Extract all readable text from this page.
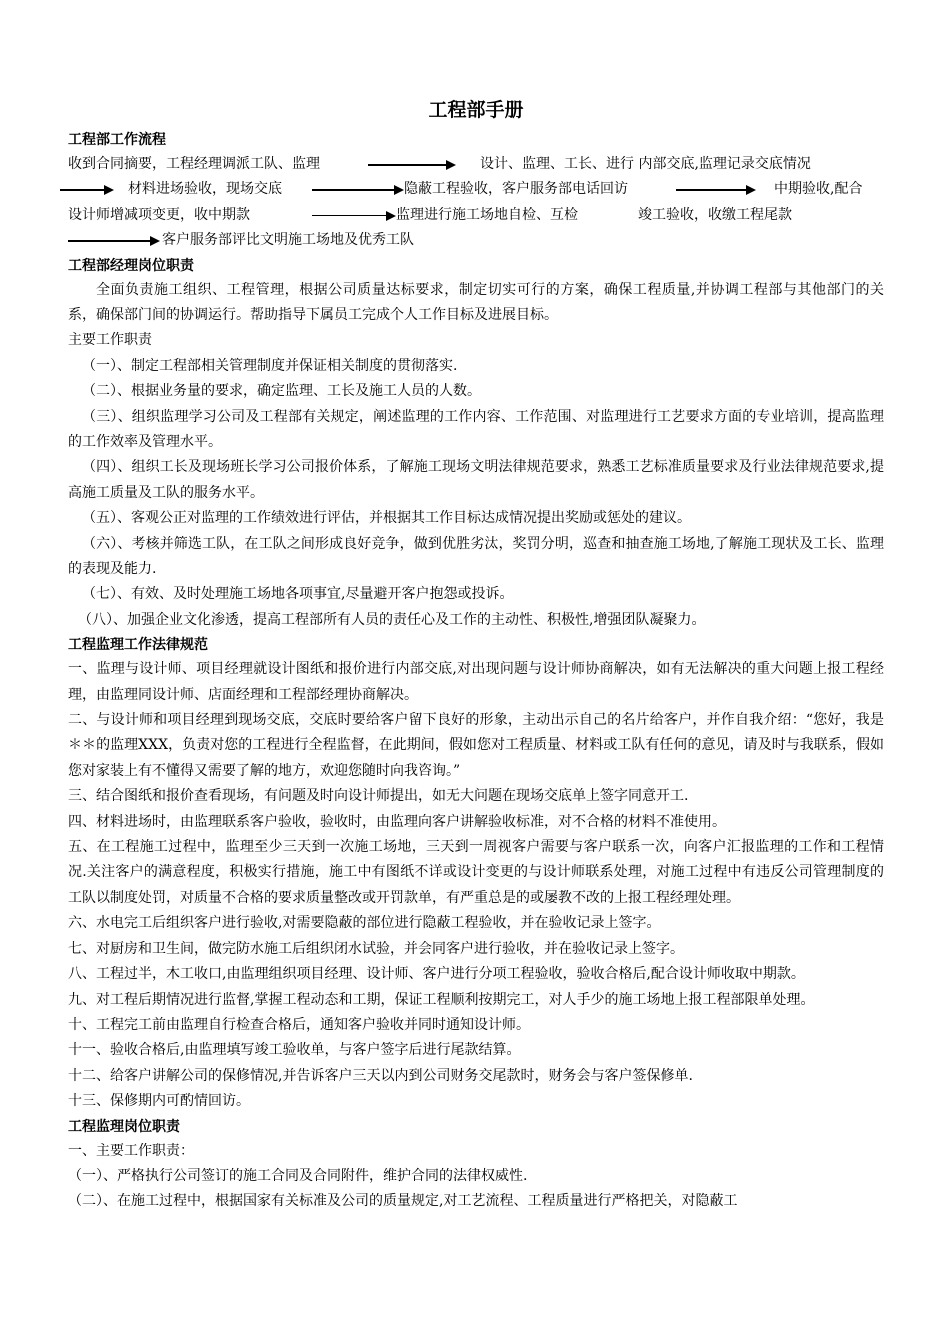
工程部手册
工程部工作流程
收到合同摘要，工程经理调派工队、监理	设计、监理、工长、进行 内部交底,监理记录交底情况
材料进场验收，现场交底	隐蔽工程验收，客户服务部电话回访	中期验收,配合
设计师增减项变更，收中期款	监理进行施工场地自检、互检	竣工验收，收缴工程尾款
客户服务部评比文明施工场地及优秀工队
工程部经理岗位职责
全面负责施工组织、工程管理，根据公司质量达标要求，制定切实可行的方案，确保工程质量,并协调工程部与其他部门的关系，确保部门间的协调运行。帮助指导下属员工完成个人工作目标及进展目标。
主要工作职责
（一）、制定工程部相关管理制度并保证相关制度的贯彻落实.
（二）、根据业务量的要求，确定监理、工长及施工人员的人数。
（三）、组织监理学习公司及工程部有关规定，阐述监理的工作内容、工作范围、对监理进行工艺要求方面的专业培训，提高监理的工作效率及管理水平。
（四）、组织工长及现场班长学习公司报价体系，了解施工现场文明法律规范要求，熟悉工艺标准质量要求及行业法律规范要求,提高施工质量及工队的服务水平。
（五）、客观公正对监理的工作绩效进行评估，并根据其工作目标达成情况提出奖励或惩处的建议。
（六）、考核并筛选工队，在工队之间形成良好竞争，做到优胜劣汰，奖罚分明，巡查和抽查施工场地,了解施工现状及工长、监理的表现及能力.
（七）、有效、及时处理施工场地各项事宜,尽量避开客户抱怨或投诉。
（八）、加强企业文化渗透，提高工程部所有人员的责任心及工作的主动性、积极性,增强团队凝聚力。
工程监理工作法律规范
一、监理与设计师、项目经理就设计图纸和报价进行内部交底,对出现问题与设计师协商解决，如有无法解决的重大问题上报工程经理，由监理同设计师、店面经理和工程部经理协商解决。
二、与设计师和项目经理到现场交底，交底时要给客户留下良好的形象，主动出示自己的名片给客户，并作自我介绍：“您好，我是＊＊的监理XXX，负责对您的工程进行全程监督，在此期间，假如您对工程质量、材料或工队有任何的意见，请及时与我联系，假如您对家装上有不懂得又需要了解的地方，欢迎您随时向我咨询。”
三、结合图纸和报价查看现场，有问题及时向设计师提出，如无大问题在现场交底单上签字同意开工.
四、材料进场时，由监理联系客户验收，验收时，由监理向客户讲解验收标准，对不合格的材料不准使用。
五、在工程施工过程中，监理至少三天到一次施工场地，三天到一周视客户需要与客户联系一次，向客户汇报监理的工作和工程情况.关注客户的满意程度，积极实行措施，施工中有图纸不详或设计变更的与设计师联系处理，对施工过程中有违反公司管理制度的工队以制度处罚，对质量不合格的要求质量整改或开罚款单，有严重总是的或屡教不改的上报工程经理处理。
六、水电完工后组织客户进行验收,对需要隐蔽的部位进行隐蔽工程验收，并在验收记录上签字。
七、对厨房和卫生间，做完防水施工后组织闭水试验，并会同客户进行验收，并在验收记录上签字。
八、工程过半，木工收口,由监理组织项目经理、设计师、客户进行分项工程验收，验收合格后,配合设计师收取中期款。
九、对工程后期情况进行监督,掌握工程动态和工期，保证工程顺利按期完工，对人手少的施工场地上报工程部限单处理。
十、工程完工前由监理自行检查合格后，通知客户验收并同时通知设计师。
十一、验收合格后,由监理填写竣工验收单，与客户签字后进行尾款结算。
十二、给客户讲解公司的保修情况,并告诉客户三天以内到公司财务交尾款时，财务会与客户签保修单.
十三、保修期内可酌情回访。
工程监理岗位职责
一、主要工作职责：
（一）、严格执行公司签订的施工合同及合同附件，维护合同的法律权威性.
（二）、在施工过程中，根据国家有关标准及公司的质量规定,对工艺流程、工程质量进行严格把关，对隐蔽工
